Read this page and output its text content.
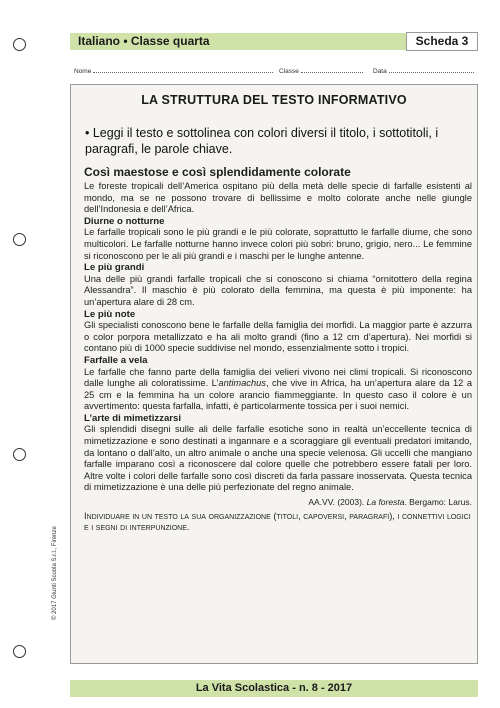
Italiano • Classe quarta	Scheda 3
Nome	Classe	Data
LA STRUTTURA DEL TESTO INFORMATIVO
• Leggi il testo e sottolinea con colori diversi il titolo, i sottotitoli, i paragrafi, le parole chiave.
Così maestose e così splendidamente colorate

Le foreste tropicali dell’America ospitano più della metà delle specie di farfalle esistenti al mondo, ma se ne possono trovare di bellissime e molto colorate anche nelle giungle dell’Indonesia e dell’Africa.

Diurne o notturne

Le farfalle tropicali sono le più grandi e le più colorate, soprattutto le farfalle diurne, che sono multicolori. Le farfalle notturne hanno invece colori più sobri: bruno, grigio, nero... Le femmine si riconoscono per le ali più grandi e i maschi per le lunghe antenne.

Le più grandi

Una delle più grandi farfalle tropicali che si conoscono si chiama “ornitottero della regina Alessandra”. Il maschio è più colorato della femmina, ma questa è più imponente: ha un’apertura alare di 28 cm.

Le più note

Gli specialisti conoscono bene le farfalle della famiglia dei morfidi. La maggior parte è azzurra o color porpora metallizzato e ha ali molto grandi (fino a 12 cm d’apertura). Nei morfidi si contano più di 1000 specie suddivise nel mondo, essenzialmente sotto i tropici.

Farfalle a vela

Le farfalle che fanno parte della famiglia dei velieri vivono nei climi tropicali. Si riconoscono dalle lunghe ali coloratissime. L’antimachus, che vive in Africa, ha un’apertura alare da 12 a 25 cm e la femmina ha un colore arancio fiammeggiante. In questo caso il colore è un avvertimento: questa farfalla, infatti, è particolarmente tossica per i suoi nemici.

L’arte di mimetizzarsi

Gli splendidi disegni sulle ali delle farfalle esotiche sono in realtà un’eccellente tecnica di mimetizzazione e sono destinati a ingannare e a scoraggiare gli eventuali predatori imitando, da lontano o dall’alto, un altro animale o anche una specie velenosa. Gli uccelli che mangiano farfalle imparano così a riconoscere dal colore quelle che potrebbero essere fatali per loro. Altre volte i colori delle farfalle sono così discreti da farla passare inosservata. Questa tecnica di mimetizzazione è una delle più perfezionate del regno animale.

AA.VV. (2003). La foresta. Bergamo: Larus.
Individuare in un testo la sua organizzazione (titoli, capoversi, paragrafi), i connettivi logici e i segni di interpunzione.
© 2017 Giunti Scuola S.r.l., Firenze
La Vita Scolastica - n. 8 - 2017
